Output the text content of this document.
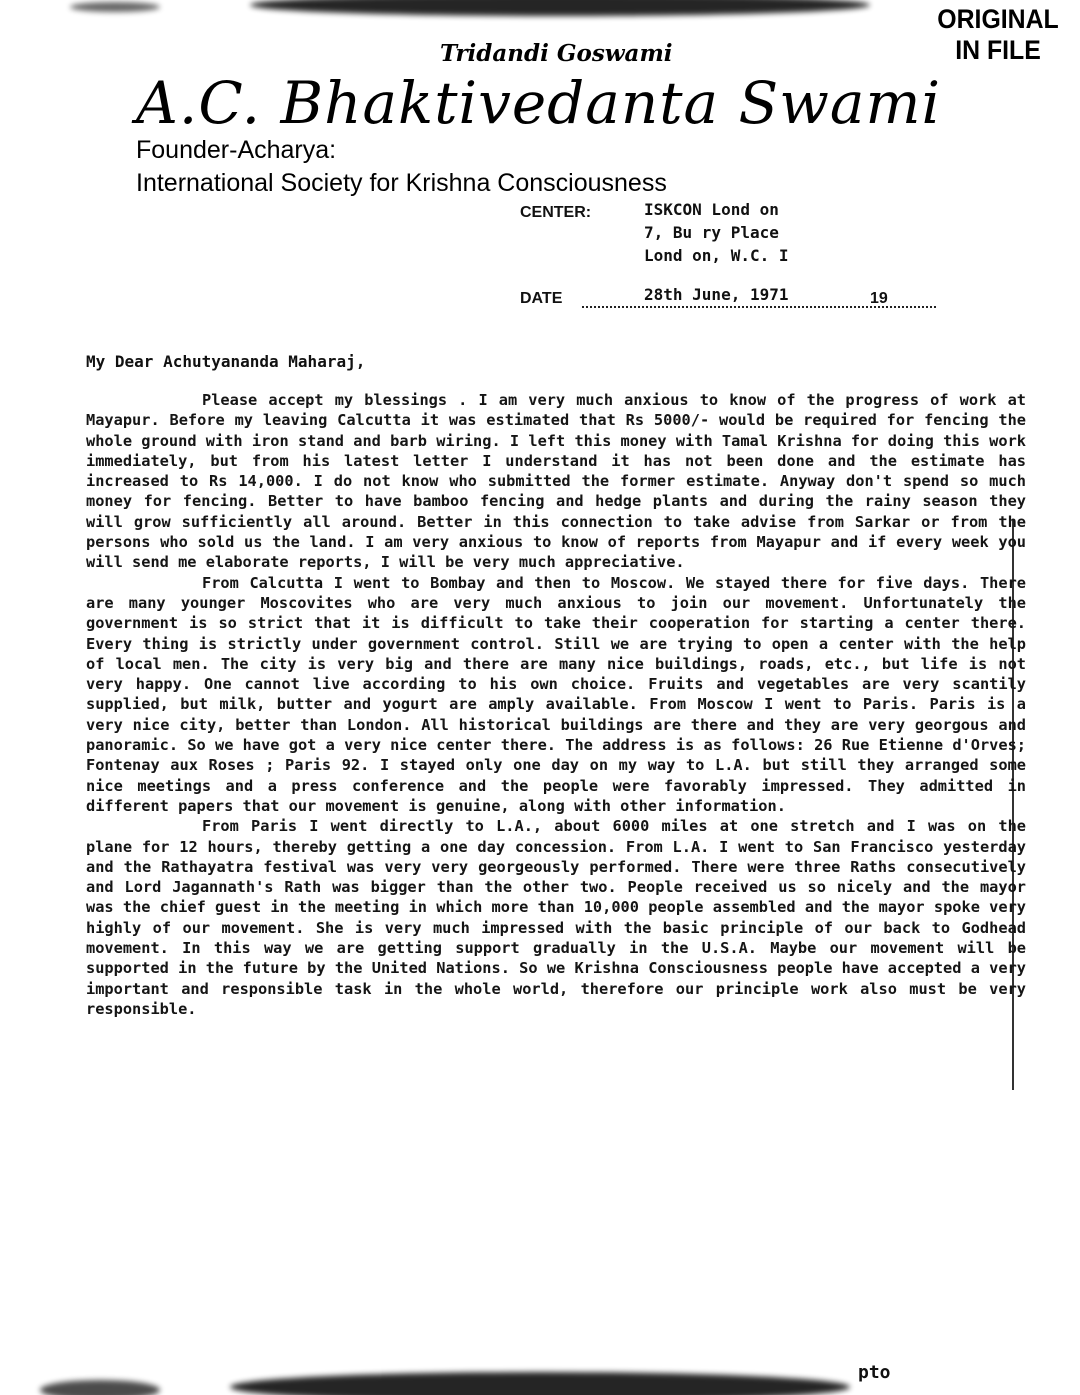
ORIGINAL
IN FILE
Tridandi Goswami
A.C. Bhaktivedanta Swami
Founder-Acharya:
International Society for Krishna Consciousness
CENTER:	ISKCON Lond on
7, Bu ry Place
Lond on, W.C. I
DATE	28th June, 1971	19
My Dear Achutyananda Maharaj,

Please accept my blessings . I am very much anxious to know of the progress of work at Mayapur. Before my leaving Calcutta it was estimated that Rs 5000/- would be required for fencing the whole ground with iron stand and barb wiring. I left this money with Tamal Krishna for doing this work immediately, but from his latest letter I understand it has not been done and the estimate has increased to Rs 14,000. I do not know who submitted the former estimate. Anyway don't spend so much money for fencing. Better to have bamboo fencing and hedge plants and during the rainy season they will grow sufficiently all around. Better in this connection to take advise from Sarkar or from the persons who sold us the land. I am very anxious to know of reports from Mayapur and if every week you will send me elaborate reports, I will be very much appreciative.

From Calcutta I went to Bombay and then to Moscow. We stayed there for five days. There are many younger Moscovites who are very much anxious to join our movement. Unfortunately the government is so strict that it is difficult to take their cooperation for starting a center there. Every thing is strictly under government control. Still we are trying to open a center with the help of local men. The city is very big and there are many nice buildings, roads, etc., but life is not very happy. One cannot live according to his own choice. Fruits and vegetables are very scantily supplied, but milk, butter and yogurt are amply available. From Moscow I went to Paris. Paris is a very nice city, better than London. All historical buildings are there and they are very georgous and panoramic. So we have got a very nice center there. The address is as follows: 26 Rue Etienne d'Orves; Fontenay aux Roses ; Paris 92. I stayed only one day on my way to L.A. but still they arranged some nice meetings and a press conference and the people were favorably impressed. They admitted in different papers that our movement is genuine, along with other information.

From Paris I went directly to L.A., about 6000 miles at one stretch and I was on the plane for 12 hours, thereby getting a one day concession. From L.A. I went to San Francisco yesterday and the Rathayatra festival was very very georgeously performed. There were three Raths consecutively and Lord Jagannath's Rath was bigger than the other two. People received us so nicely and the mayor was the chief guest in the meeting in which more than 10,000 people assembled and the mayor spoke very highly of our movement. She is very much impressed with the basic principle of our back to Godhead movement. In this way we are getting support gradually in the U.S.A. Maybe our movement will be supported in the future by the United Nations. So we Krishna Consciousness people have accepted a very important and responsible task in the whole world, therefore our principle work also must be very responsible.

pto
